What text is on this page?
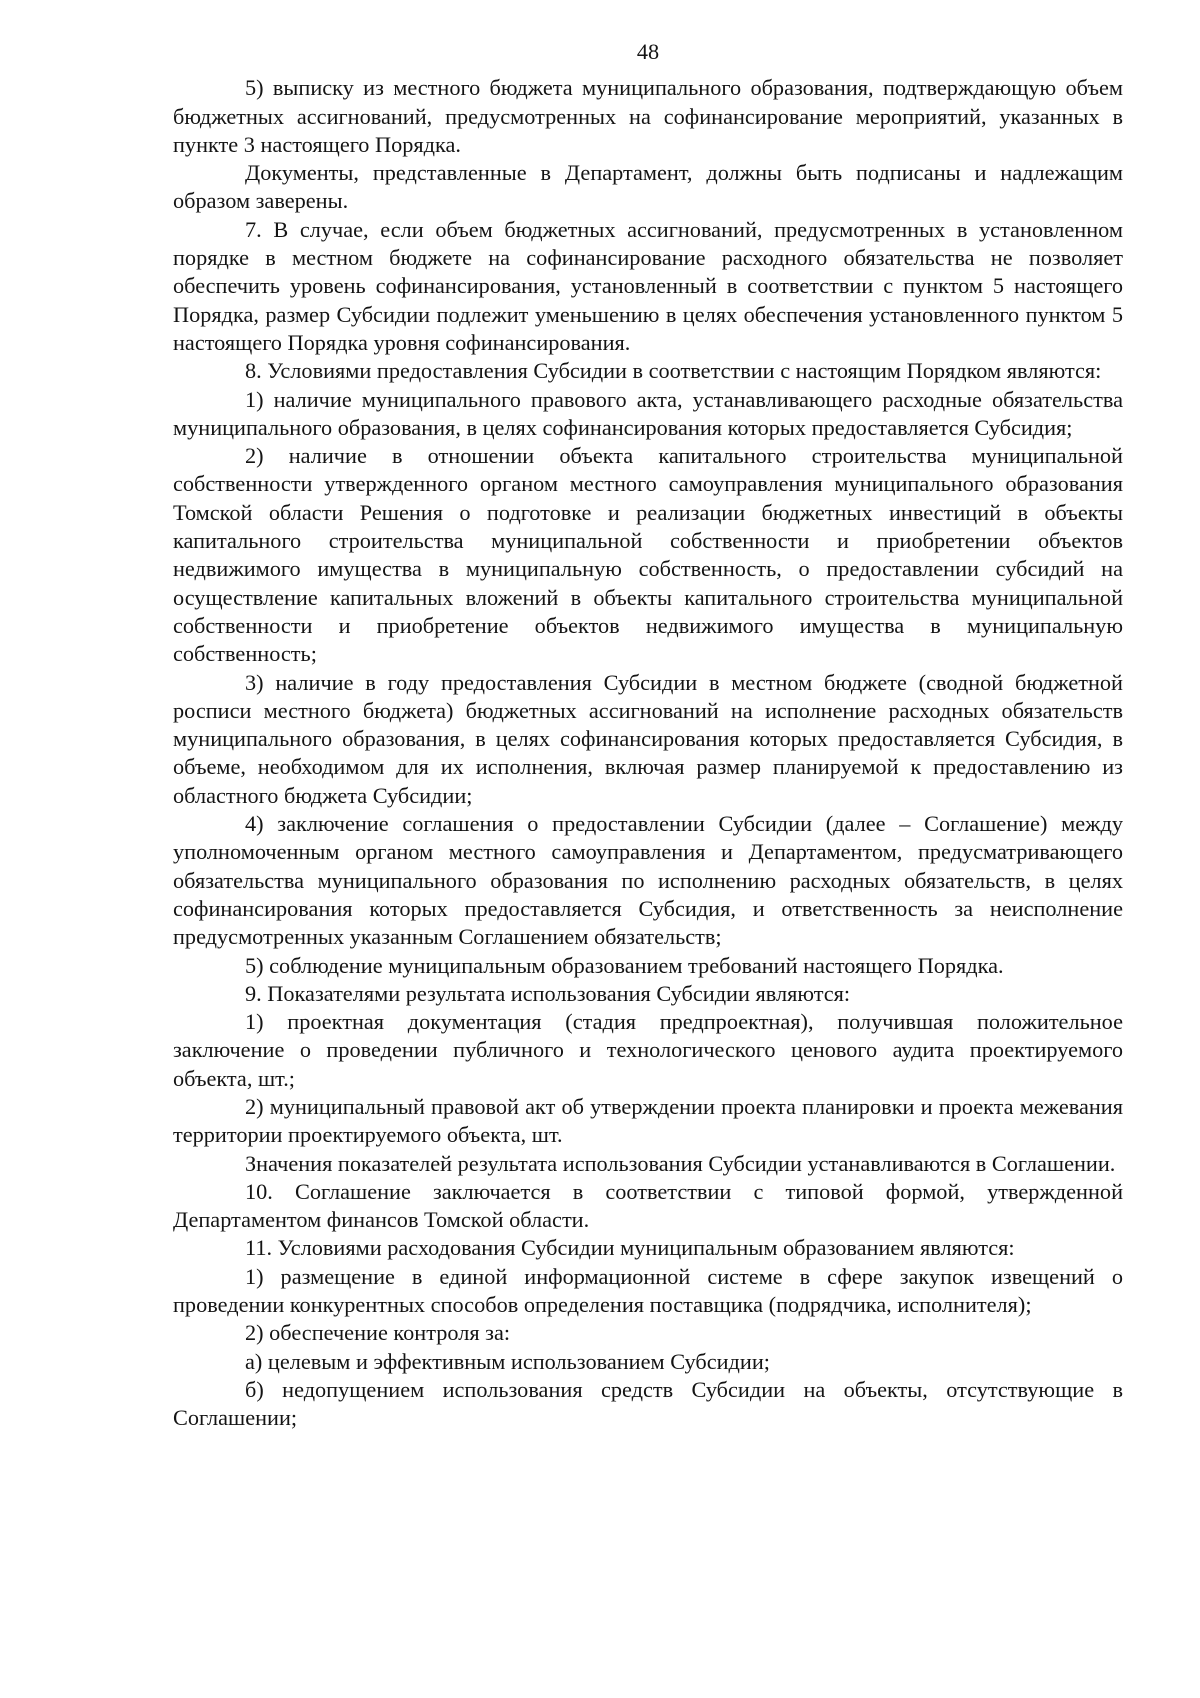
48

5) выписку из местного бюджета муниципального образования, подтверждающую объем бюджетных ассигнований, предусмотренных на софинансирование мероприятий, указанных в пункте 3 настоящего Порядка.

Документы, представленные в Департамент, должны быть подписаны и надлежащим образом заверены.

7. В случае, если объем бюджетных ассигнований, предусмотренных в установленном порядке в местном бюджете на софинансирование расходного обязательства не позволяет обеспечить уровень софинансирования, установленный в соответствии с пунктом 5 настоящего Порядка, размер Субсидии подлежит уменьшению в целях обеспечения установленного пунктом 5 настоящего Порядка уровня софинансирования.

8. Условиями предоставления Субсидии в соответствии с настоящим Порядком являются:

1) наличие муниципального правового акта, устанавливающего расходные обязательства муниципального образования, в целях софинансирования которых предоставляется Субсидия;

2) наличие в отношении объекта капитального строительства муниципальной собственности утвержденного органом местного самоуправления муниципального образования Томской области Решения о подготовке и реализации бюджетных инвестиций в объекты капитального строительства муниципальной собственности и приобретении объектов недвижимого имущества в муниципальную собственность, о предоставлении субсидий на осуществление капитальных вложений в объекты капитального строительства муниципальной собственности и приобретение объектов недвижимого имущества в муниципальную собственность;

3) наличие в году предоставления Субсидии в местном бюджете (сводной бюджетной росписи местного бюджета) бюджетных ассигнований на исполнение расходных обязательств муниципального образования, в целях софинансирования которых предоставляется Субсидия, в объеме, необходимом для их исполнения, включая размер планируемой к предоставлению из областного бюджета Субсидии;

4) заключение соглашения о предоставлении Субсидии (далее – Соглашение) между уполномоченным органом местного самоуправления и Департаментом, предусматривающего обязательства муниципального образования по исполнению расходных обязательств, в целях софинансирования которых предоставляется Субсидия, и ответственность за неисполнение предусмотренных указанным Соглашением обязательств;

5) соблюдение муниципальным образованием требований настоящего Порядка.

9. Показателями результата использования Субсидии являются:

1) проектная документация (стадия предпроектная), получившая положительное заключение о проведении публичного и технологического ценового аудита проектируемого объекта, шт.;

2) муниципальный правовой акт об утверждении проекта планировки и проекта межевания территории проектируемого объекта, шт.

Значения показателей результата использования Субсидии устанавливаются в Соглашении.

10. Соглашение заключается в соответствии с типовой формой, утвержденной Департаментом финансов Томской области.

11. Условиями расходования Субсидии муниципальным образованием являются:

1) размещение в единой информационной системе в сфере закупок извещений о проведении конкурентных способов определения поставщика (подрядчика, исполнителя);

2) обеспечение контроля за:

а) целевым и эффективным использованием Субсидии;

б) недопущением использования средств Субсидии на объекты, отсутствующие в Соглашении;
